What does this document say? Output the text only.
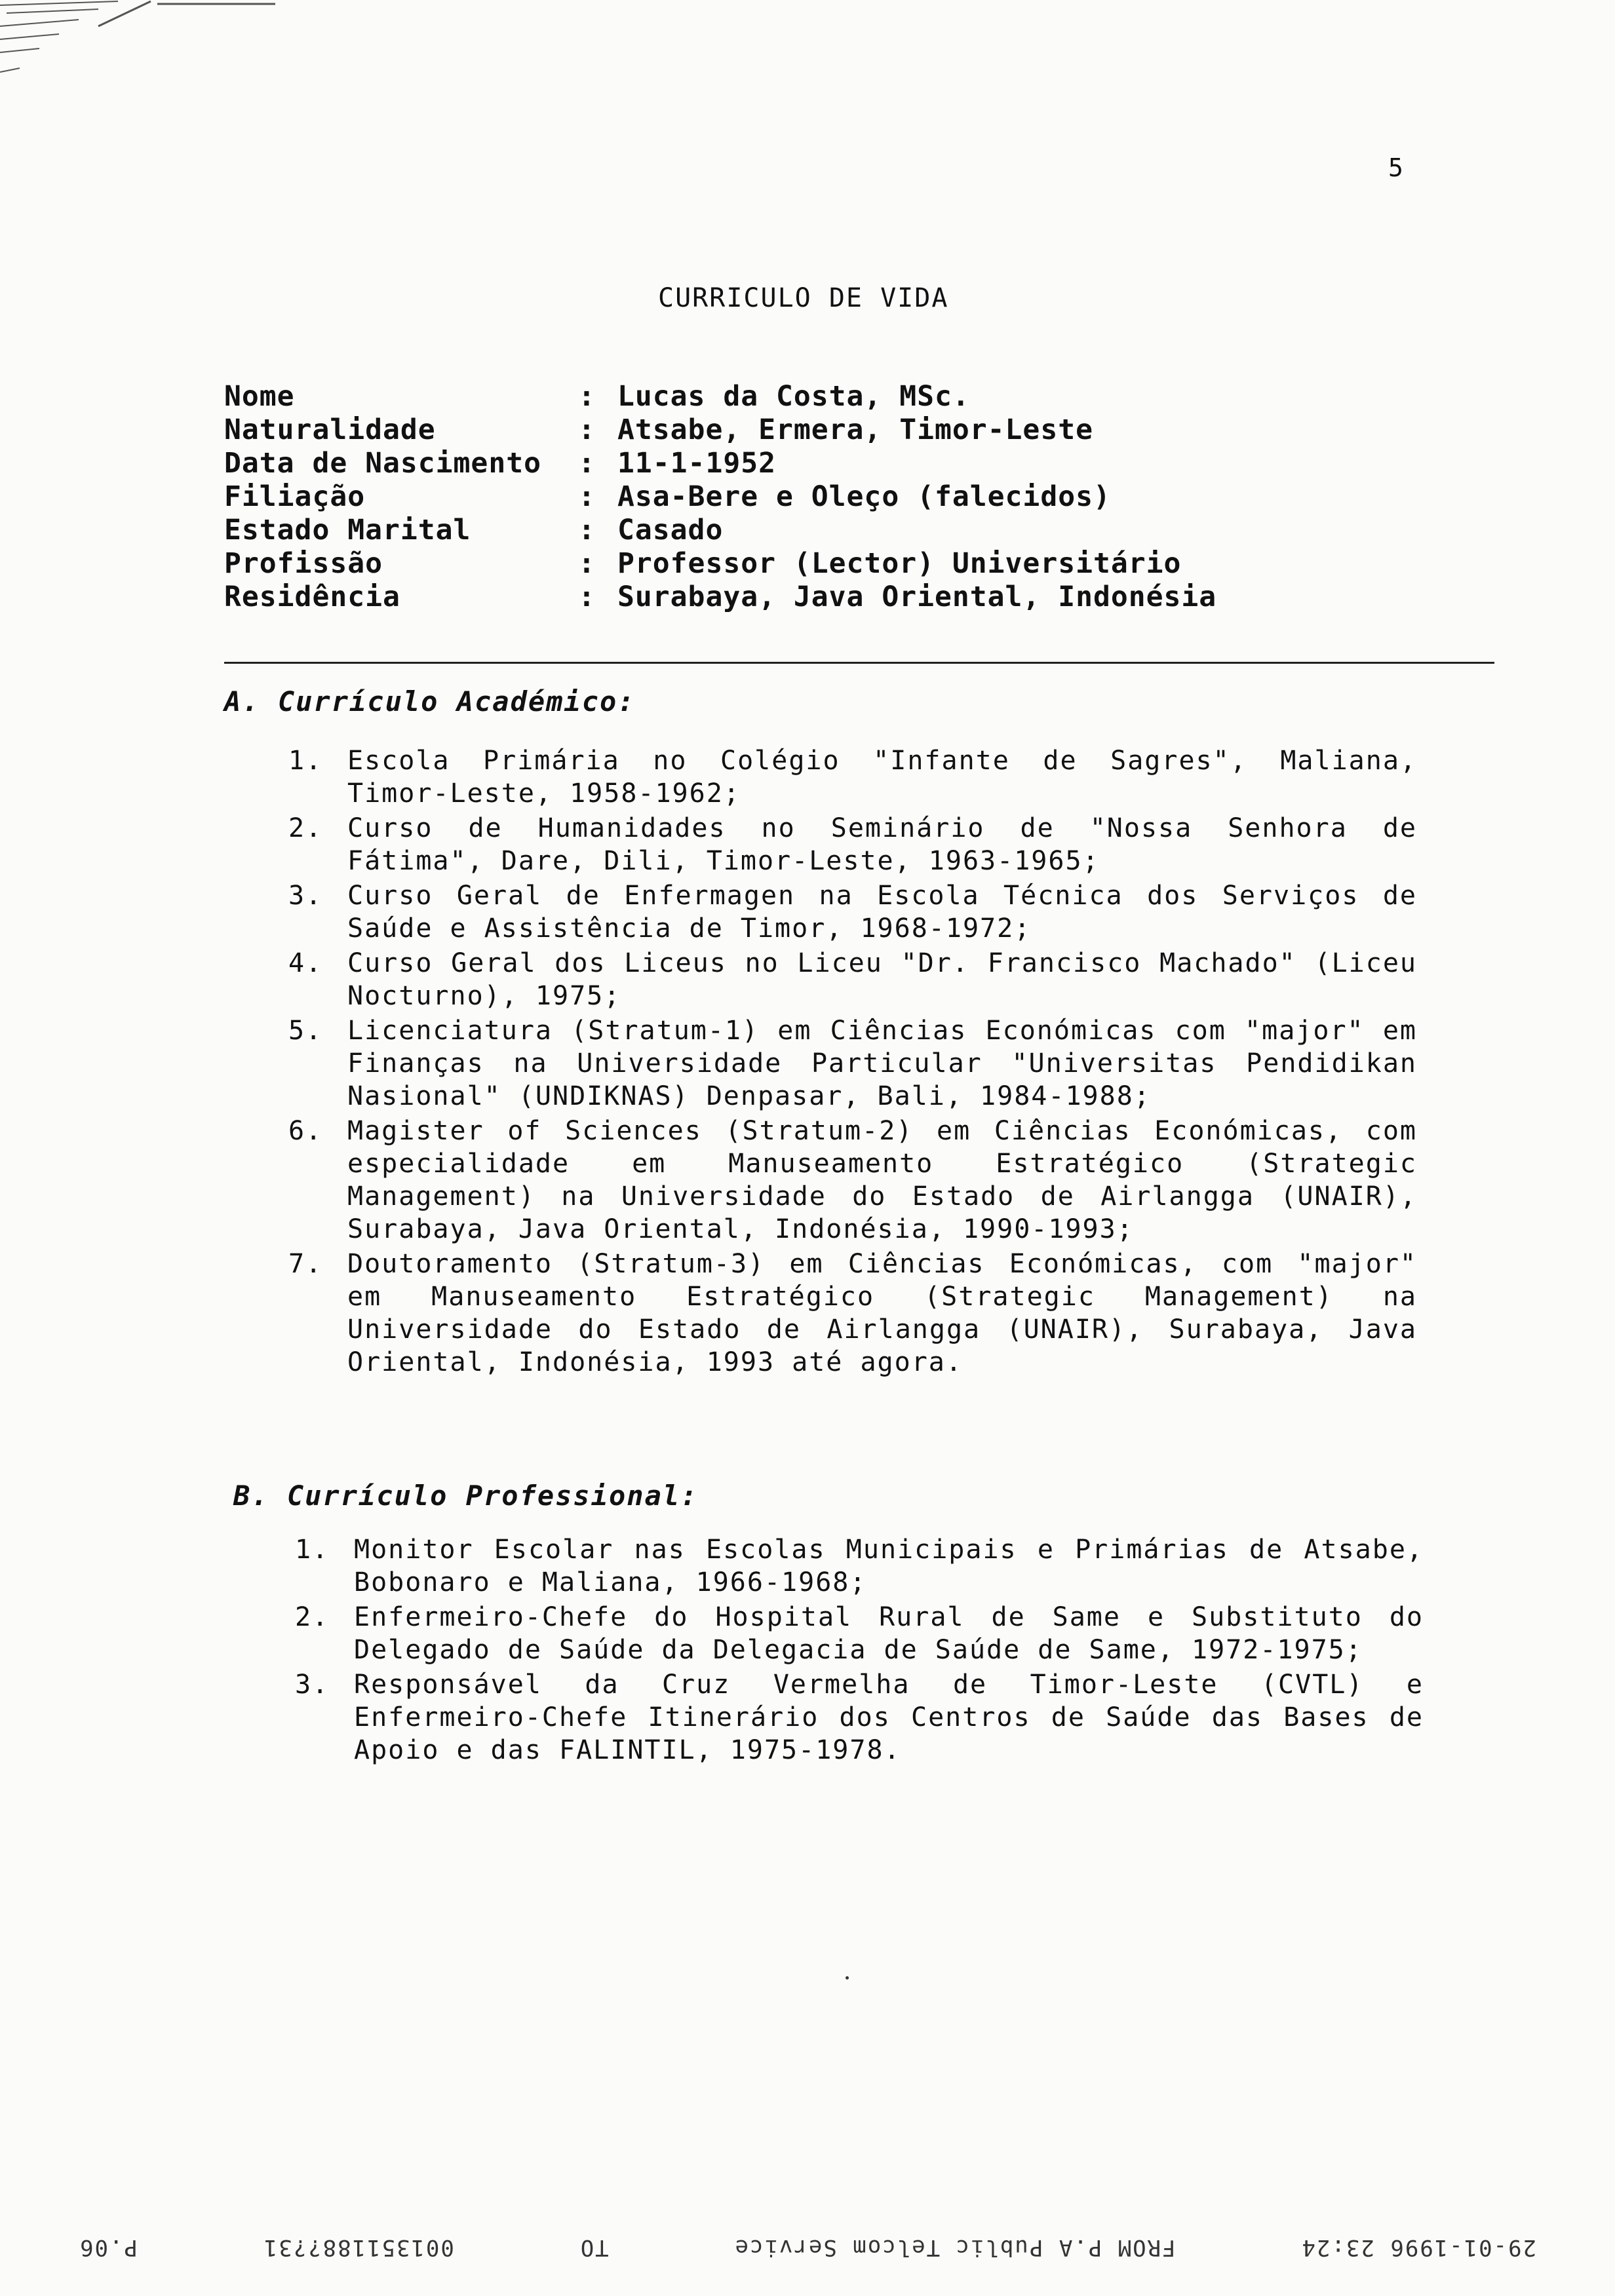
5
CURRICULO DE VIDA
Nome	: Lucas da Costa, MSc.
Naturalidade	: Atsabe, Ermera, Timor-Leste
Data de Nascimento	: 11-1-1952
Filiação	: Asa-Bere e Oleço (falecidos)
Estado Marital	: Casado
Profissão	: Professor (Lector) Universitário
Residência	: Surabaya, Java Oriental, Indonésia
A. Currículo Académico:
1. Escola Primária no Colégio "Infante de Sagres", Maliana, Timor-Leste, 1958-1962;
2. Curso de Humanidades no Seminário de "Nossa Senhora de Fátima", Dare, Dili, Timor-Leste, 1963-1965;
3. Curso Geral de Enfermagen na Escola Técnica dos Serviços de Saúde e Assistência de Timor, 1968-1972;
4. Curso Geral dos Liceus no Liceu "Dr. Francisco Machado" (Liceu Nocturno), 1975;
5. Licenciatura (Stratum-1) em Ciências Económicas com "major" em Finanças na Universidade Particular "Universitas Pendidikan Nasional" (UNDIKNAS) Denpasar, Bali, 1984-1988;
6. Magister of Sciences (Stratum-2) em Ciências Económicas, com especialidade em Manuseamento Estratégico (Strategic Management) na Universidade do Estado de Airlangga (UNAIR), Surabaya, Java Oriental, Indonésia, 1990-1993;
7. Doutoramento (Stratum-3) em Ciências Económicas, com "major" em Manuseamento Estratégico (Strategic Management) na Universidade do Estado de Airlangga (UNAIR), Surabaya, Java Oriental, Indonésia, 1993 até agora.
B. Currículo Professional:
1. Monitor Escolar nas Escolas Municipais e Primárias de Atsabe, Bobonaro e Maliana, 1966-1968;
2. Enfermeiro-Chefe do Hospital Rural de Same e Substituto do Delegado de Saúde da Delegacia de Saúde de Same, 1972-1975;
3. Responsável da Cruz Vermelha de Timor-Leste (CVTL) e Enfermeiro-Chefe Itinerário dos Centros de Saúde das Bases de Apoio e das FALINTIL, 1975-1978.
29-01-1996 23:24
FROM P.A Public Telcom Service
TO
001351188??31
P.06
